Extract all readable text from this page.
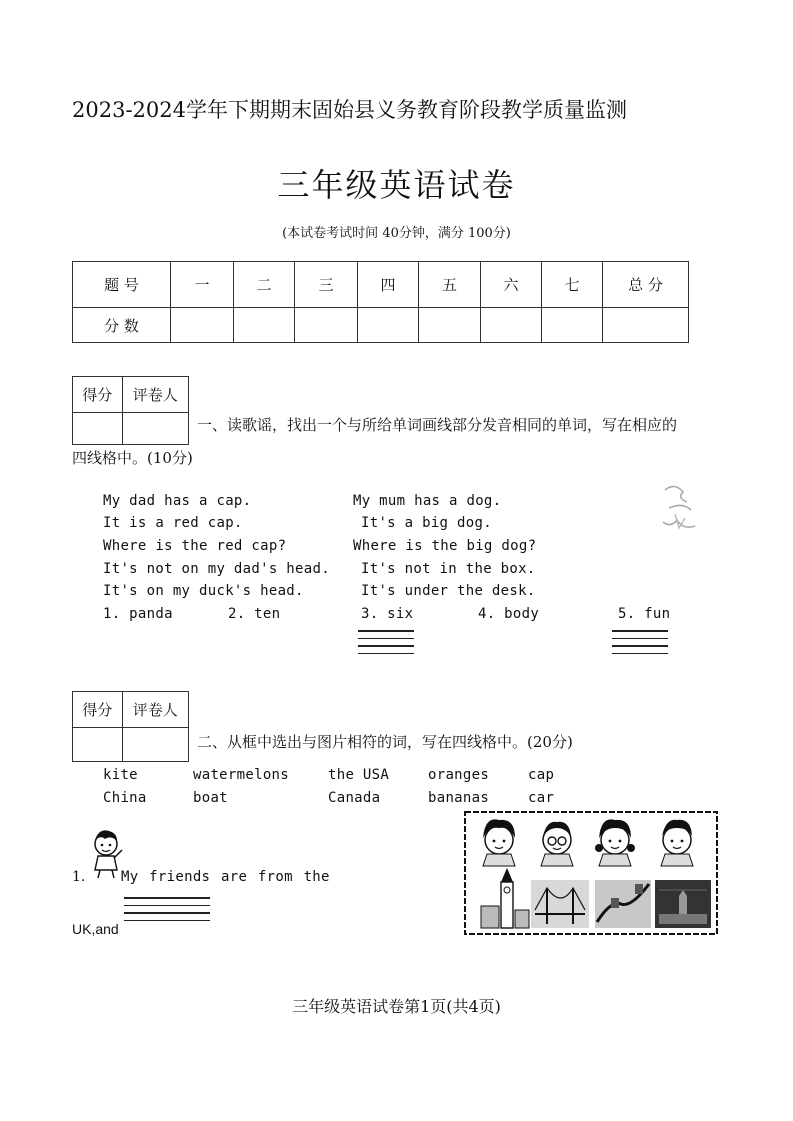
2023-2024学年下期期末固始县义务教育阶段教学质量监测
三年级英语试卷
(本试卷考试时间 40分钟，满分 100分)
题 号	一	二	三	四	五	六	七	总 分
分 数								
得分	评卷人

一、读歌谣，找出一个与所给单词画线部分发音相同的单词，写在相应的
四线格中。(10分)
My dad has a cap.
It is a red cap.
Where is the red cap?
It's not on my dad's head.
It's on my duck's head.
My mum has a dog.
It's a big dog.
Where is the big dog?
It's not in the box.
It's under the desk.
1. panda	2. ten	3. six	4. body	5. fun
得分	评卷人

二、从框中选出与图片相符的词，写在四线格中。(20分)
kite	watermelons	the USA	oranges	cap
China	boat	Canada	bananas	car
1.	My friends are from the
UK,and
三年级英语试卷第1页(共4页)
